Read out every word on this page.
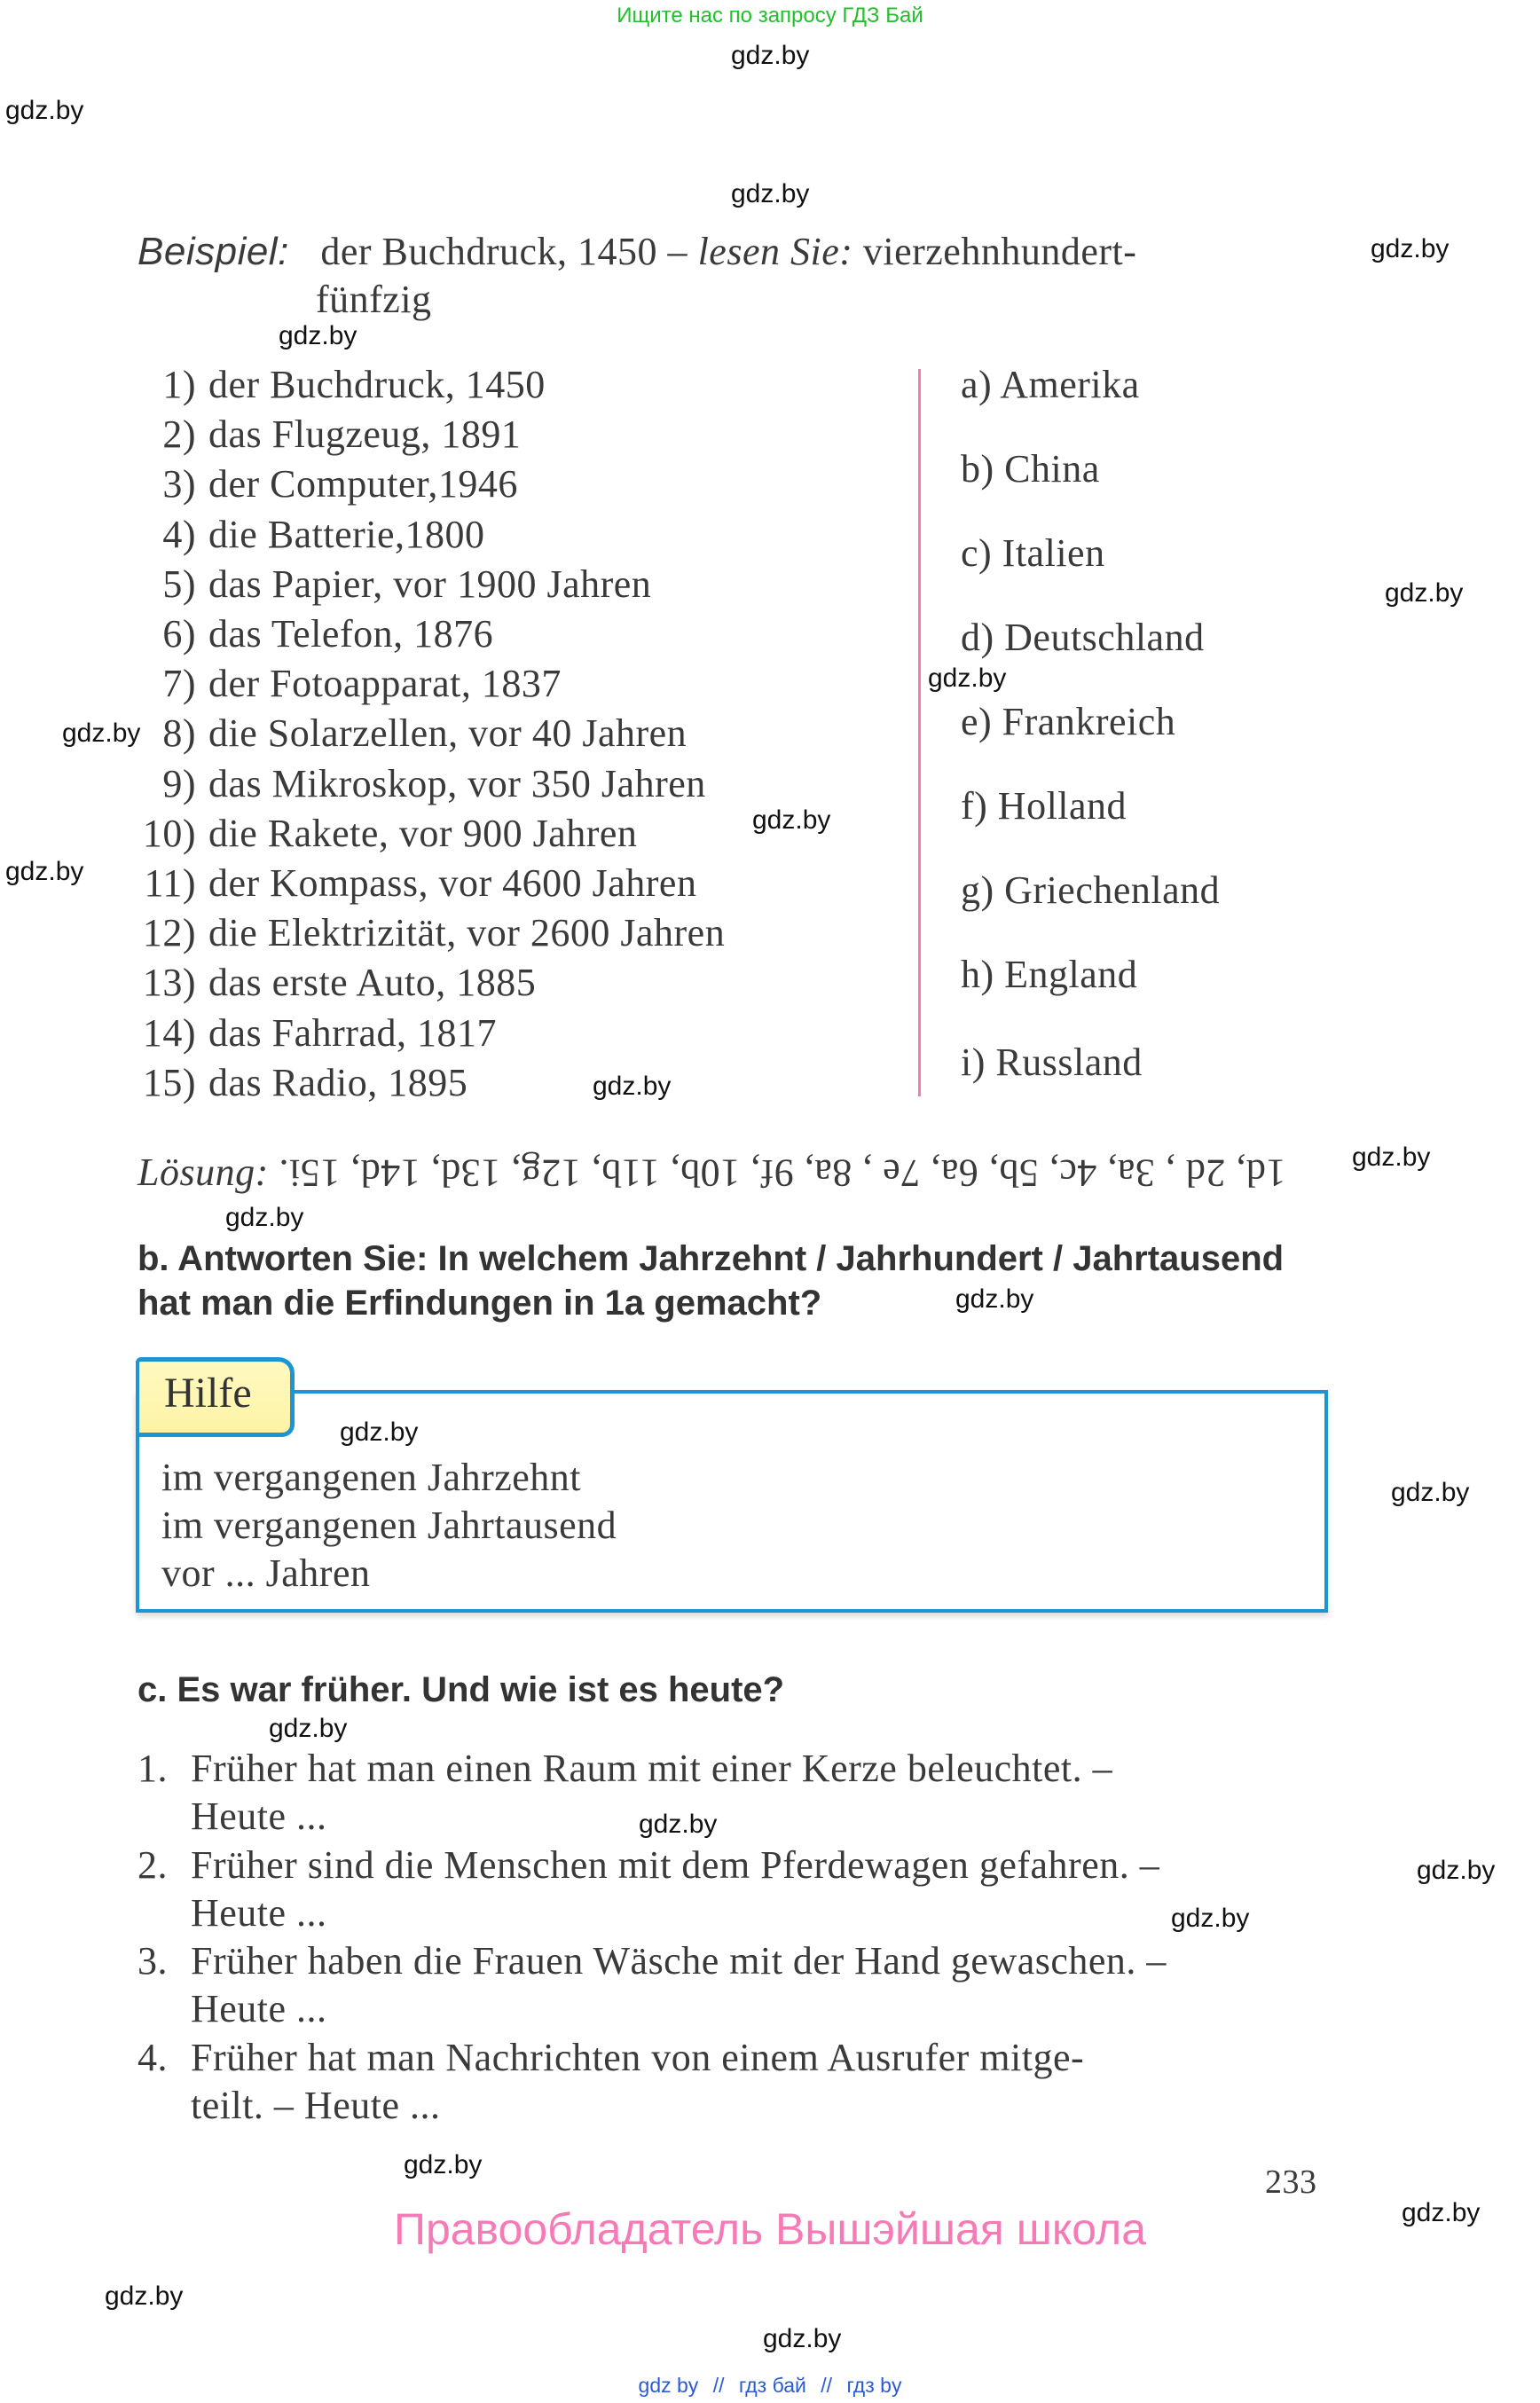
Ищите нас по запросу ГДЗ Бай
gdz.by
gdz.by
gdz.by
gdz.by
gdz.by
gdz.by
gdz.by
gdz.by
gdz.by
gdz.by
gdz.by
gdz.by
gdz.by
gdz.by
gdz.by
gdz.by
gdz.by
gdz.by
gdz.by
gdz.by
gdz.by
gdz.by
gdz.by
gdz.by
Beispiel: der Buchdruck, 1450 – lesen Sie: vierzehnhundert-
fünfzig
1) der Buchdruck, 1450
2) das Flugzeug, 1891
3) der Computer,1946
4) die Batterie,1800
5) das Papier, vor 1900 Jahren
6) das Telefon, 1876
7) der Fotoapparat, 1837
8) die Solarzellen, vor 40 Jahren
9) das Mikroskop, vor 350 Jahren
10) die Rakete, vor 900 Jahren
11) der Kompass, vor 4600 Jahren
12) die Elektrizität, vor 2600 Jahren
13) das erste Auto, 1885
14) das Fahrrad, 1817
15) das Radio, 1895
a) Amerika
b) China
c) Italien
d) Deutschland
e) Frankreich
f) Holland
g) Griechenland
h) England
i) Russland
Lösung: 1d, 2d , 3a, 4c, 5b, 6a, 7e , 8a, 9f, 10b, 11b, 12g, 13d, 14d, 15i.
b. Antworten Sie: In welchem Jahrzehnt / Jahrhundert / Jahrtausend
hat man die Erfindungen in 1a gemacht?
Hilfe
im vergangenen Jahrzehnt
im vergangenen Jahrtausend
vor ... Jahren
c. Es war früher. Und wie ist es heute?
1. Früher hat man einen Raum mit einer Kerze beleuchtet. –
Heute ...
2. Früher sind die Menschen mit dem Pferdewagen gefahren. –
Heute ...
3. Früher haben die Frauen Wäsche mit der Hand gewaschen. –
Heute ...
4. Früher hat man Nachrichten von einem Ausrufer mitge-
teilt. – Heute ...
233
Правообладатель Вышэйшая школа
gdz by // гдз бай // гдз by
